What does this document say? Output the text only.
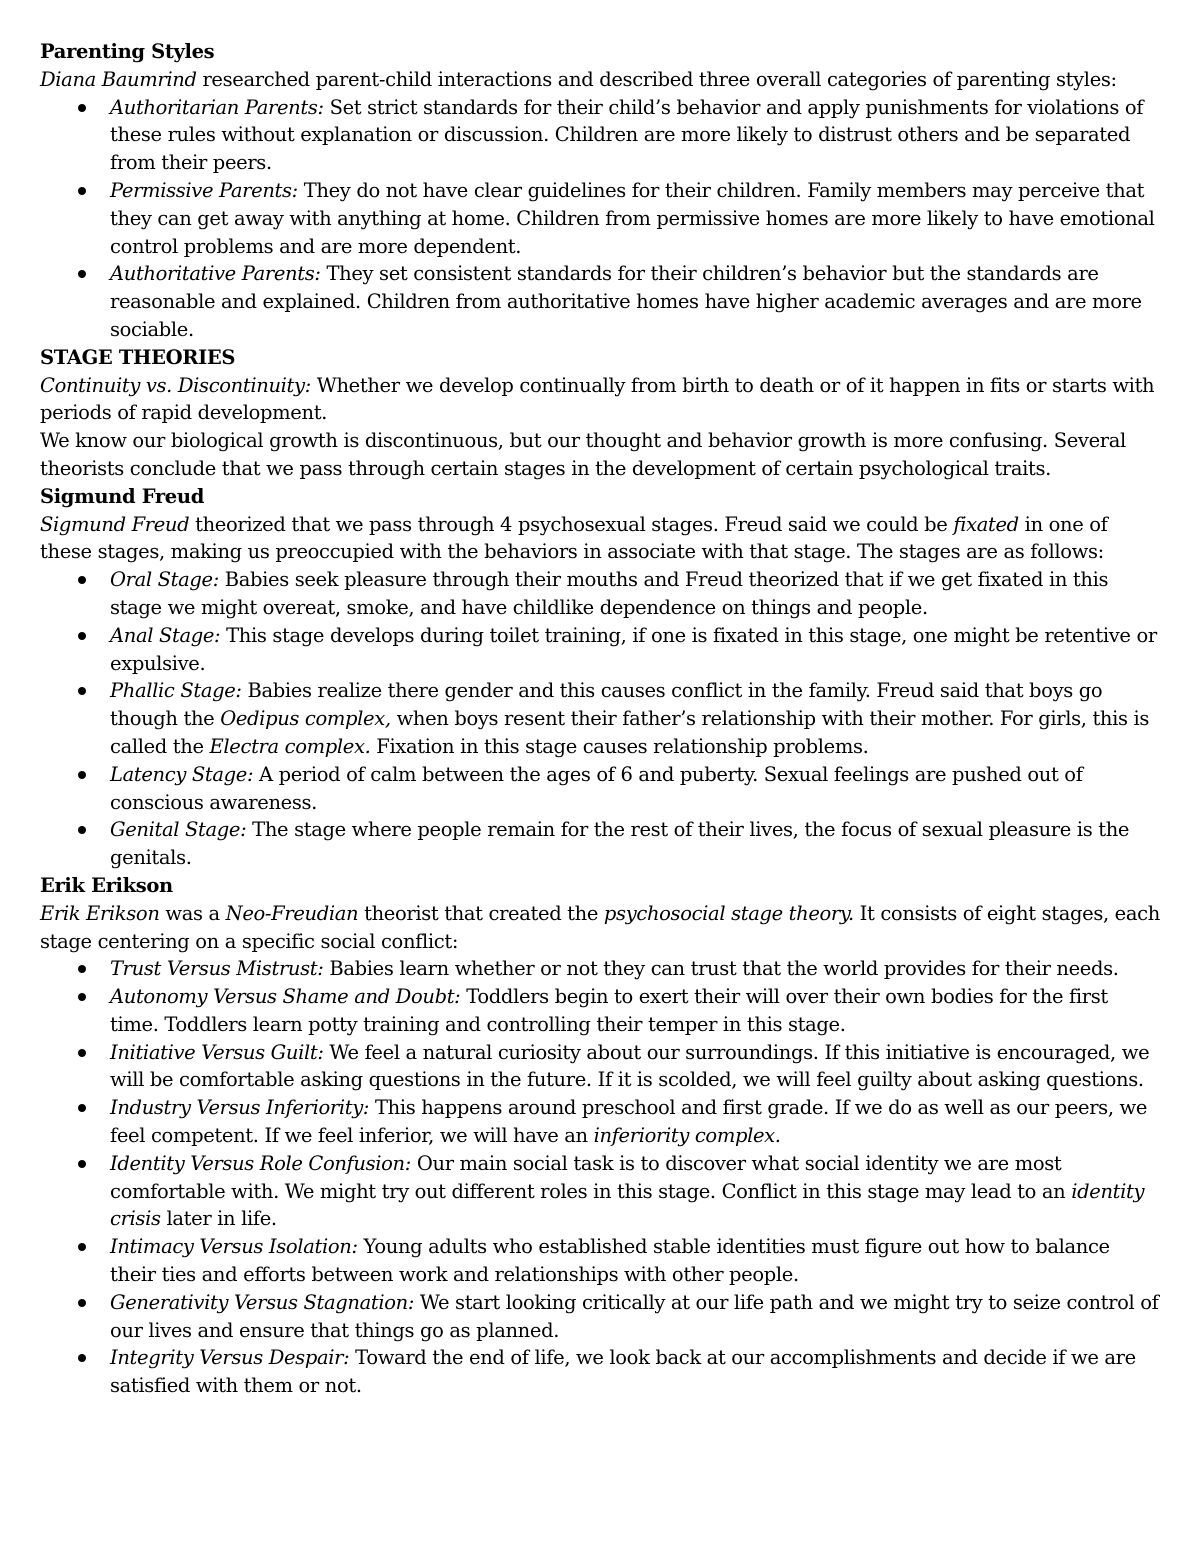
Parenting Styles

Diana Baumrind researched parent-child interactions and described three overall categories of parenting styles:

Authoritarian Parents: Set strict standards for their child’s behavior and apply punishments for violations of these rules without explanation or discussion. Children are more likely to distrust others and be separated from their peers.
Permissive Parents: They do not have clear guidelines for their children. Family members may perceive that they can get away with anything at home. Children from permissive homes are more likely to have emotional control problems and are more dependent.
Authoritative Parents: They set consistent standards for their children’s behavior but the standards are reasonable and explained. Children from authoritative homes have higher academic averages and are more sociable.
STAGE THEORIES

Continuity vs. Discontinuity: Whether we develop continually from birth to death or of it happen in fits or starts with periods of rapid development.

We know our biological growth is discontinuous, but our thought and behavior growth is more confusing. Several theorists conclude that we pass through certain stages in the development of certain psychological traits.

Sigmund Freud

Sigmund Freud theorized that we pass through 4 psychosexual stages. Freud said we could be fixated in one of these stages, making us preoccupied with the behaviors in associate with that stage. The stages are as follows:

Oral Stage: Babies seek pleasure through their mouths and Freud theorized that if we get fixated in this stage we might overeat, smoke, and have childlike dependence on things and people.
Anal Stage: This stage develops during toilet training, if one is fixated in this stage, one might be retentive or expulsive.
Phallic Stage: Babies realize there gender and this causes conflict in the family. Freud said that boys go though the Oedipus complex, when boys resent their father’s relationship with their mother. For girls, this is called the Electra complex. Fixation in this stage causes relationship problems.
Latency Stage: A period of calm between the ages of 6 and puberty. Sexual feelings are pushed out of conscious awareness.
Genital Stage: The stage where people remain for the rest of their lives, the focus of sexual pleasure is the genitals.
Erik Erikson

Erik Erikson was a Neo-Freudian theorist that created the psychosocial stage theory. It consists of eight stages, each stage centering on a specific social conflict:

Trust Versus Mistrust: Babies learn whether or not they can trust that the world provides for their needs.
Autonomy Versus Shame and Doubt: Toddlers begin to exert their will over their own bodies for the first time. Toddlers learn potty training and controlling their temper in this stage.
Initiative Versus Guilt: We feel a natural curiosity about our surroundings. If this initiative is encouraged, we will be comfortable asking questions in the future. If it is scolded, we will feel guilty about asking questions.
Industry Versus Inferiority: This happens around preschool and first grade. If we do as well as our peers, we feel competent. If we feel inferior, we will have an inferiority complex.
Identity Versus Role Confusion: Our main social task is to discover what social identity we are most comfortable with. We might try out different roles in this stage. Conflict in this stage may lead to an identity crisis later in life.
Intimacy Versus Isolation: Young adults who established stable identities must figure out how to balance their ties and efforts between work and relationships with other people.
Generativity Versus Stagnation: We start looking critically at our life path and we might try to seize control of our lives and ensure that things go as planned.
Integrity Versus Despair: Toward the end of life, we look back at our accomplishments and decide if we are satisfied with them or not.
